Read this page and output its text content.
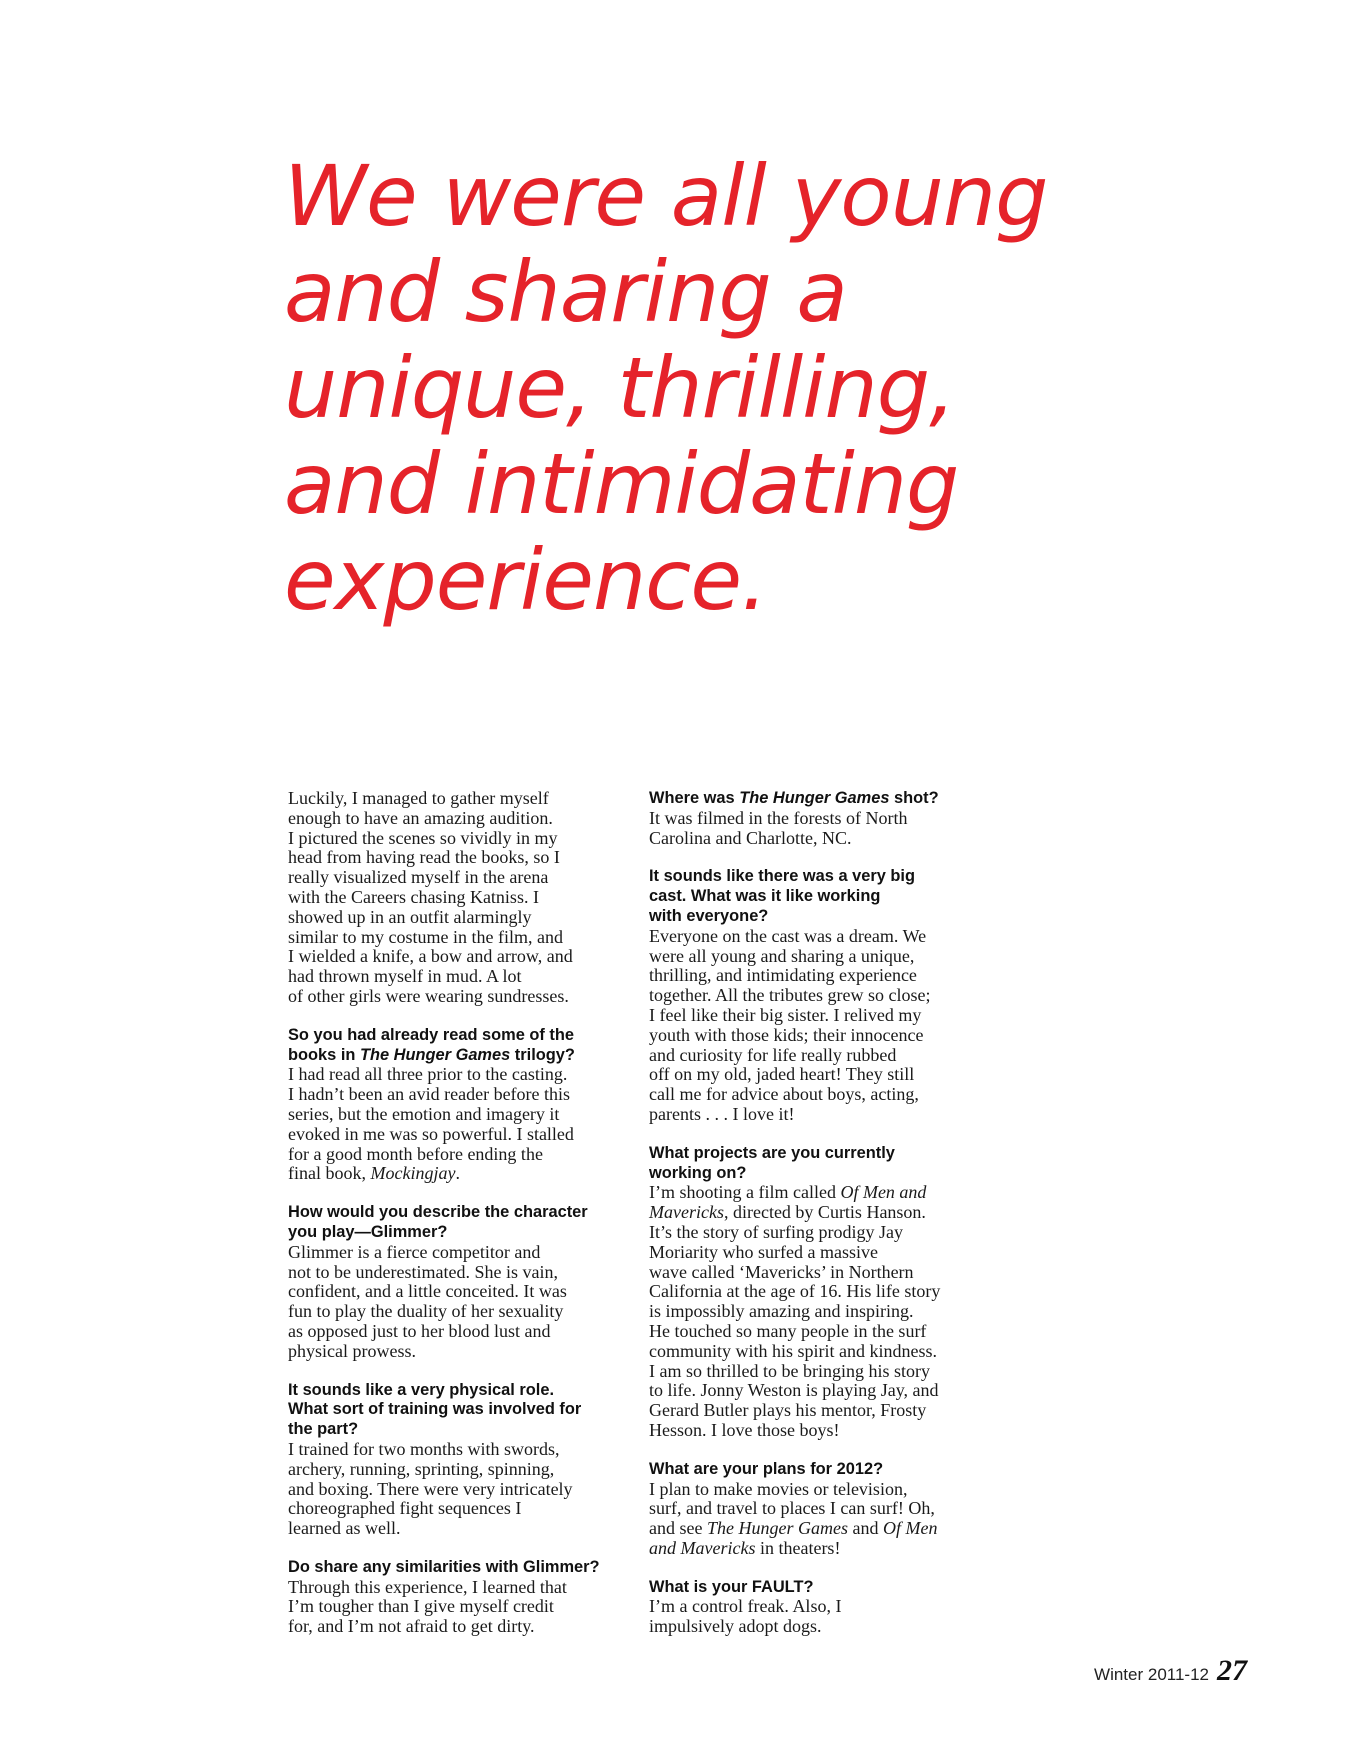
We were all young
and sharing a
unique, thrilling,
and intimidating
experience.
Luckily, I managed to gather myself
enough to have an amazing audition.
I pictured the scenes so vividly in my
head from having read the books, so I
really visualized myself in the arena
with the Careers chasing Katniss. I
showed up in an outfit alarmingly
similar to my costume in the film, and
I wielded a knife, a bow and arrow, and
had thrown myself in mud. A lot
of other girls were wearing sundresses.
So you had already read some of the
books in The Hunger Games trilogy?
I had read all three prior to the casting.
I hadn’t been an avid reader before this
series, but the emotion and imagery it
evoked in me was so powerful. I stalled
for a good month before ending the
final book, Mockingjay.
How would you describe the character
you play—Glimmer?
Glimmer is a fierce competitor and
not to be underestimated. She is vain,
confident, and a little conceited. It was
fun to play the duality of her sexuality
as opposed just to her blood lust and
physical prowess.
It sounds like a very physical role.
What sort of training was involved for
the part?
I trained for two months with swords,
archery, running, sprinting, spinning,
and boxing. There were very intricately
choreographed fight sequences I
learned as well.
Do share any similarities with Glimmer?
Through this experience, I learned that
I’m tougher than I give myself credit
for, and I’m not afraid to get dirty.
Where was The Hunger Games shot?
It was filmed in the forests of North
Carolina and Charlotte, NC.
It sounds like there was a very big
cast. What was it like working
with everyone?
Everyone on the cast was a dream. We
were all young and sharing a unique,
thrilling, and intimidating experience
together. All the tributes grew so close;
I feel like their big sister. I relived my
youth with those kids; their innocence
and curiosity for life really rubbed
off on my old, jaded heart! They still
call me for advice about boys, acting,
parents . . . I love it!
What projects are you currently
working on?
I’m shooting a film called Of Men and
Mavericks, directed by Curtis Hanson.
It’s the story of surfing prodigy Jay
Moriarity who surfed a massive
wave called ‘Mavericks’ in Northern
California at the age of 16. His life story
is impossibly amazing and inspiring.
He touched so many people in the surf
community with his spirit and kindness.
I am so thrilled to be bringing his story
to life. Jonny Weston is playing Jay, and
Gerard Butler plays his mentor, Frosty
Hesson. I love those boys!
What are your plans for 2012?
I plan to make movies or television,
surf, and travel to places I can surf! Oh,
and see The Hunger Games and Of Men
and Mavericks in theaters!
What is your FAULT?
I’m a control freak. Also, I
impulsively adopt dogs.
Winter 2011-12 27
